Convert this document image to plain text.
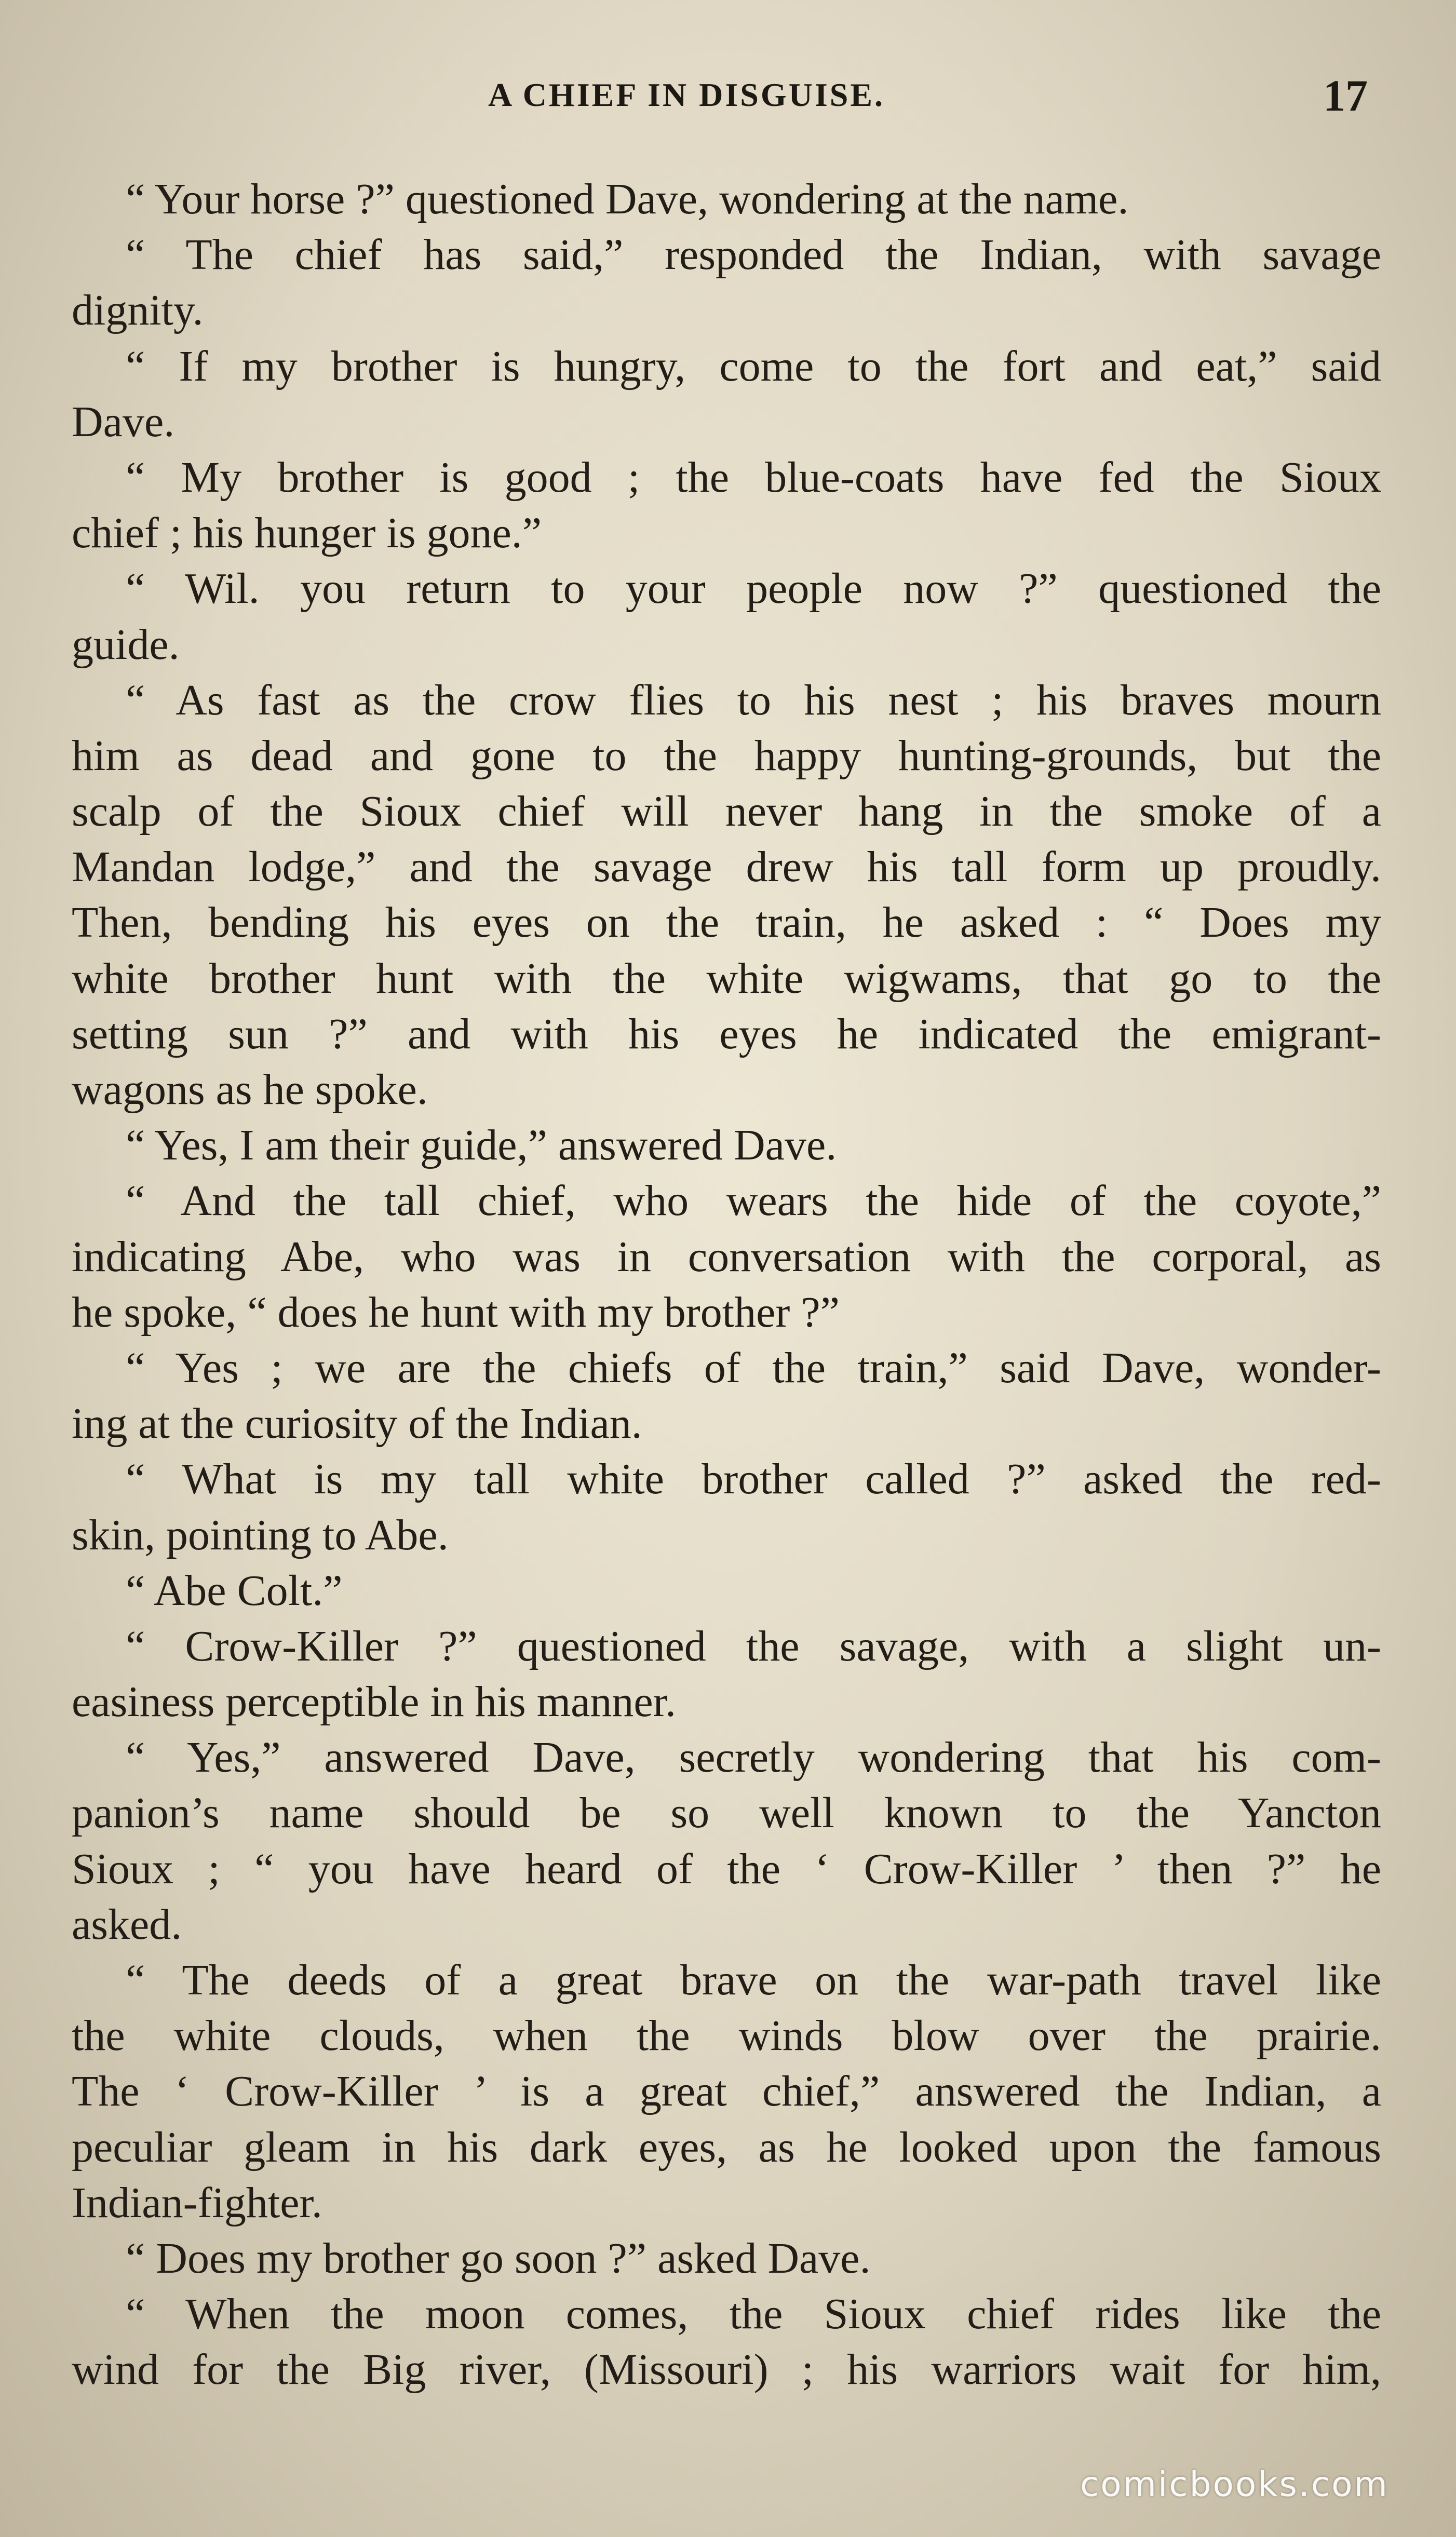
A CHIEF IN DISGUISE.	17
“ Your horse ?” questioned Dave, wondering at the name.
“ The chief has said,” responded the Indian, with savage
dignity.
“ If my brother is hungry, come to the fort and eat,” said
Dave.
“ My brother is good ; the blue-coats have fed the Sioux
chief ; his hunger is gone.”
“ Wil. you return to your people now ?” questioned the
guide.
“ As fast as the crow flies to his nest ; his braves mourn
him as dead and gone to the happy hunting-grounds, but the
scalp of the Sioux chief will never hang in the smoke of a
Mandan lodge,” and the savage drew his tall form up proudly.
Then, bending his eyes on the train, he asked : “ Does my
white brother hunt with the white wigwams, that go to the
setting sun ?” and with his eyes he indicated the emigrant-
wagons as he spoke.
“ Yes, I am their guide,” answered Dave.
“ And the tall chief, who wears the hide of the coyote,”
indicating Abe, who was in conversation with the corporal, as
he spoke, “ does he hunt with my brother ?”
“ Yes ; we are the chiefs of the train,” said Dave, wonder-
ing at the curiosity of the Indian.
“ What is my tall white brother called ?” asked the red-
skin, pointing to Abe.
“ Abe Colt.”
“ Crow-Killer ?” questioned the savage, with a slight un-
easiness perceptible in his manner.
“ Yes,” answered Dave, secretly wondering that his com-
panion’s name should be so well known to the Yancton
Sioux ; “ you have heard of the ‘ Crow-Killer ’ then ?” he
asked.
“ The deeds of a great brave on the war-path travel like
the white clouds, when the winds blow over the prairie.
The ‘ Crow-Killer ’ is a great chief,” answered the Indian, a
peculiar gleam in his dark eyes, as he looked upon the famous
Indian-fighter.
“ Does my brother go soon ?” asked Dave.
“ When the moon comes, the Sioux chief rides like the
wind for the Big river, (Missouri) ; his warriors wait for him,
comicbooks.com
